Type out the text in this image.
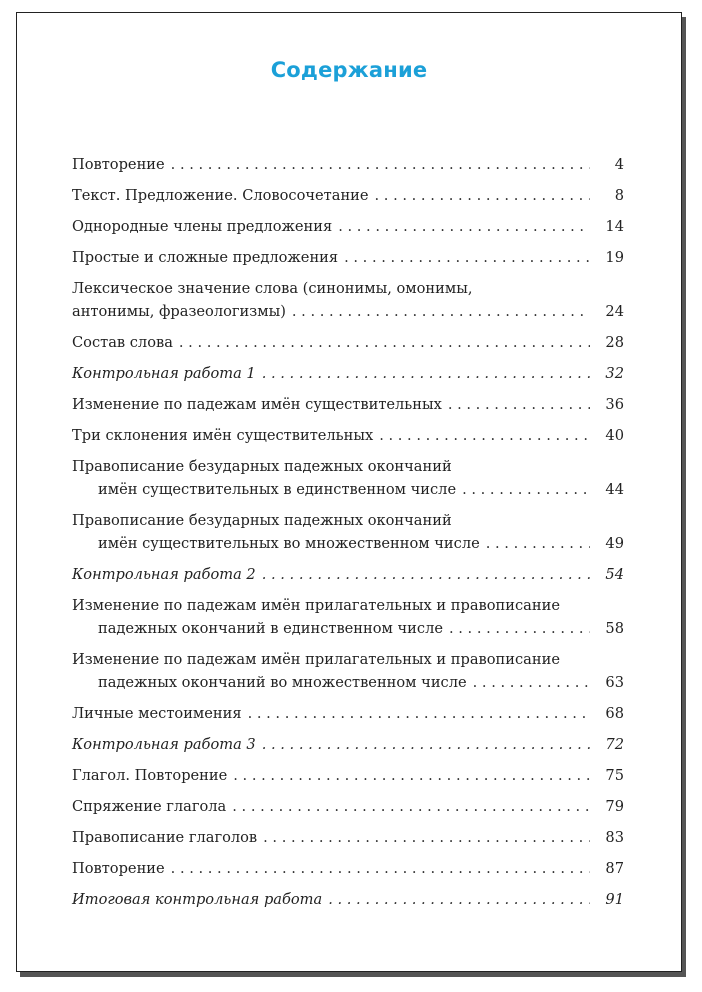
Содержание
Повторение . . .	4
Текст. Предложение. Словосочетание . . .	8
Однородные члены предложения . . .	14
Простые и сложные предложения . . .	19
Лексическое значение слова (синонимы, омонимы,
антонимы, фразеологизмы) . . .	24
Состав слова . . .	28
Контрольная работа 1 . . .	32
Изменение по падежам имён существительных . . .	36
Три склонения имён существительных . . .	40
Правописание безударных падежных окончаний
имён существительных в единственном числе . . .	44
Правописание безударных падежных окончаний
имён существительных во множественном числе . . .	49
Контрольная работа 2 . . .	54
Изменение по падежам имён прилагательных и правописание
падежных окончаний в единственном числе . . .	58
Изменение по падежам имён прилагательных и правописание
падежных окончаний во множественном числе . . .	63
Личные местоимения . . .	68
Контрольная работа 3 . . .	72
Глагол. Повторение . . .	75
Спряжение глагола . . .	79
Правописание глаголов . . .	83
Повторение . . .	87
Итоговая контрольная работа . . .	91
